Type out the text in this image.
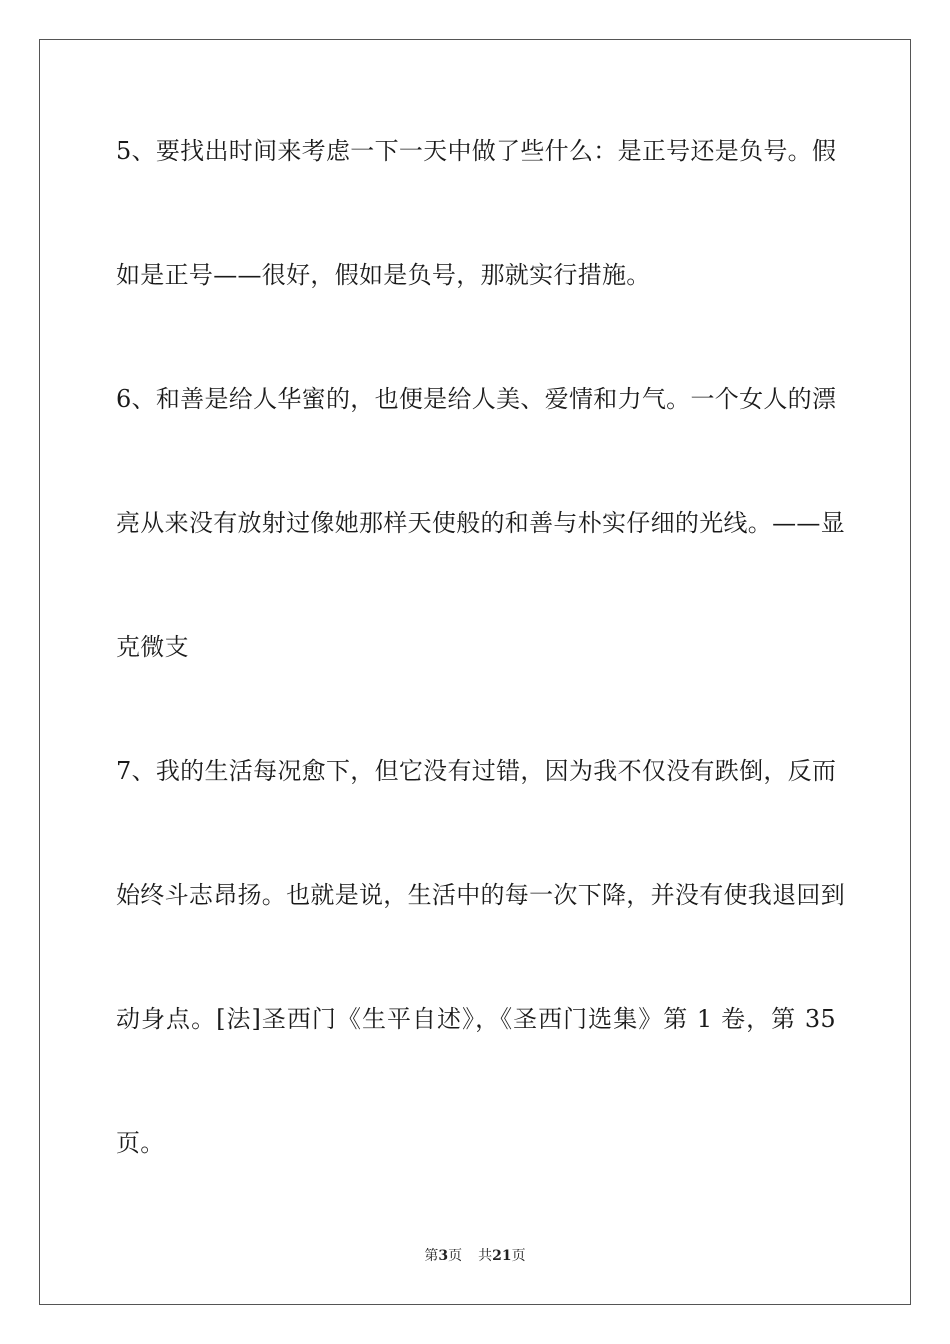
5、要找出时间来考虑一下一天中做了些什么：是正号还是负号。假
如是正号——很好，假如是负号，那就实行措施。
6、和善是给人华蜜的，也便是给人美、爱情和力气。一个女人的漂
亮从来没有放射过像她那样天使般的和善与朴实仔细的光线。——显
克微支
7、我的生活每况愈下，但它没有过错，因为我不仅没有跌倒，反而
始终斗志昂扬。也就是说，生活中的每一次下降，并没有使我退回到
动身点。[法]圣西门《生平自述》，《圣西门选集》第 1 卷，第 35
页。
第3页 共21页
